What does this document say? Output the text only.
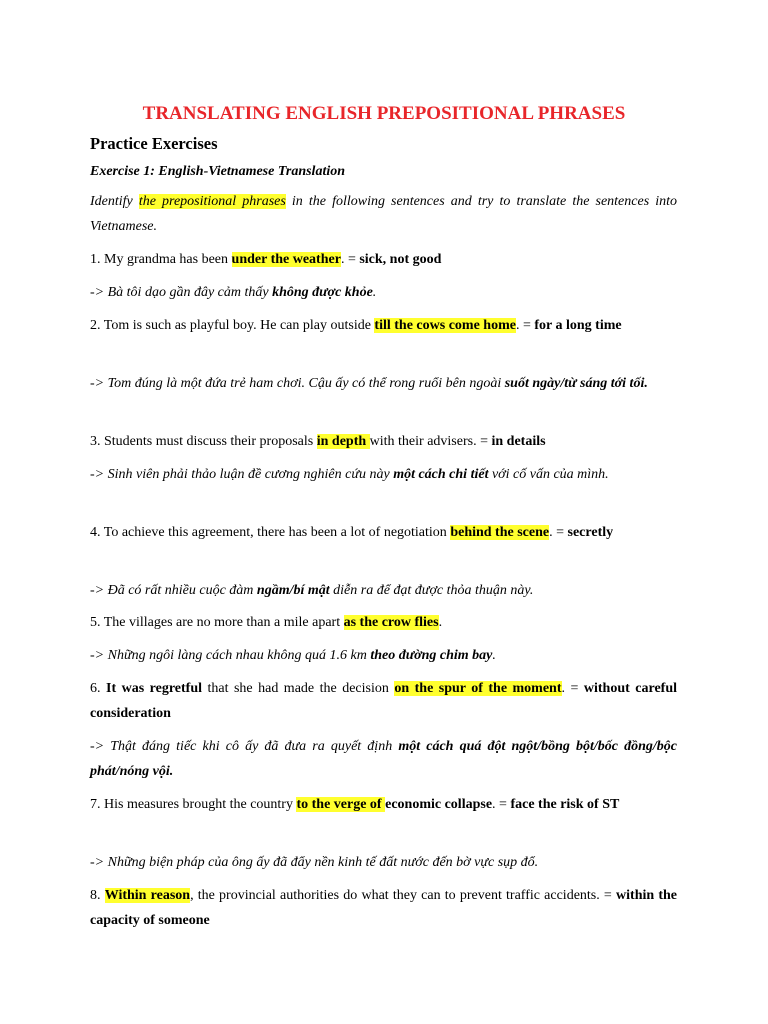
TRANSLATING ENGLISH PREPOSITIONAL PHRASES
Practice Exercises
Exercise 1: English-Vietnamese Translation

Identify the prepositional phrases in the following sentences and try to translate the sentences into Vietnamese.

1. My grandma has been under the weather. = sick, not good

-> Bà tôi dạo gần đây cảm thấy không được khỏe.

2. Tom is such as playful boy. He can play outside till the cows come home. = for a long time

-> Tom đúng là một đứa trẻ ham chơi. Cậu ấy có thể rong ruổi bên ngoài suốt ngày/từ sáng tới tối.

3. Students must discuss their proposals in depth with their advisers. = in details

-> Sinh viên phải thảo luận đề cương nghiên cứu này một cách chi tiết với cố vấn của mình.

4. To achieve this agreement, there has been a lot of negotiation behind the scene. = secretly

-> Đã có rất nhiều cuộc đàm ngầm/bí mật diễn ra để đạt được thỏa thuận này.

5. The villages are no more than a mile apart as the crow flies.

-> Những ngôi làng cách nhau không quá 1.6 km theo đường chim bay.

6. It was regretful that she had made the decision on the spur of the moment. = without careful consideration

-> Thật đáng tiếc khi cô ấy đã đưa ra quyết định một cách quá đột ngột/bồng bột/bốc đồng/bộc phát/nóng vội.

7. His measures brought the country to the verge of economic collapse. = face the risk of ST

-> Những biện pháp của ông ấy đã đẩy nền kinh tế đất nước đến bờ vực sụp đổ.

8. Within reason, the provincial authorities do what they can to prevent traffic accidents. = within the capacity of someone
